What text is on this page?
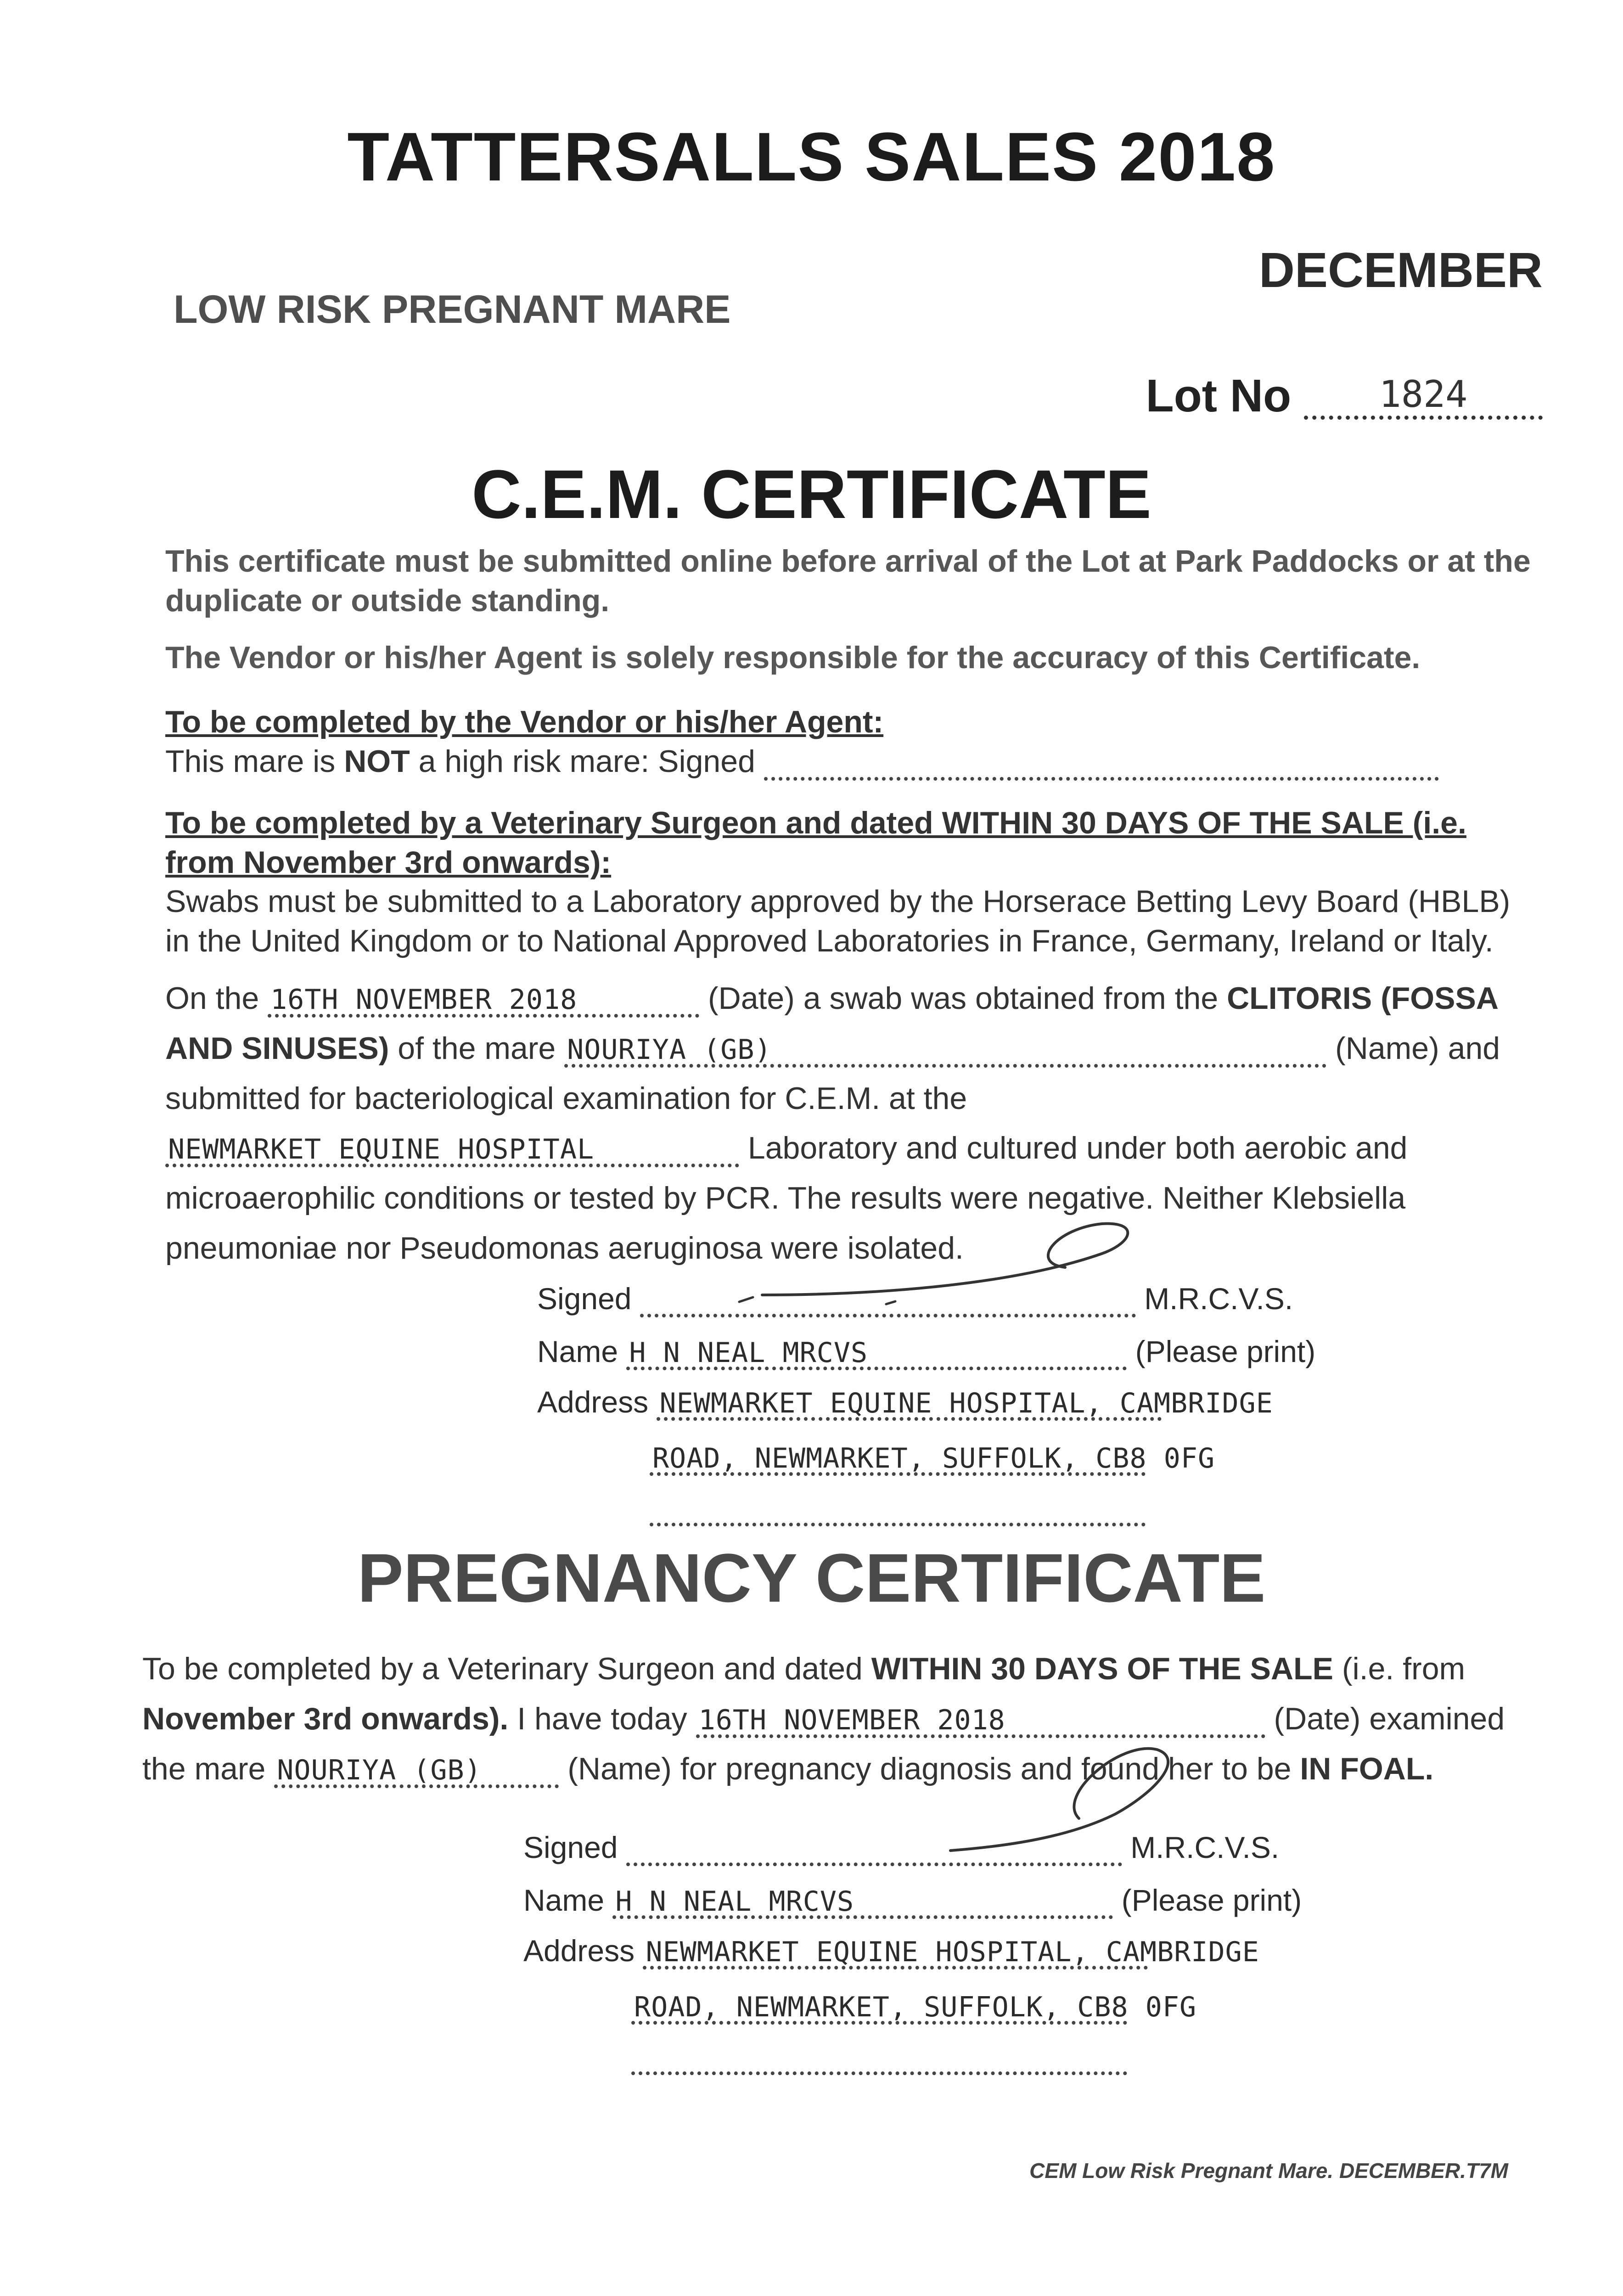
TATTERSALLS SALES 2018
DECEMBER
LOW RISK PREGNANT MARE
Lot No 1824
C.E.M. CERTIFICATE
This certificate must be submitted online before arrival of the Lot at Park Paddocks or at the duplicate or outside standing.
The Vendor or his/her Agent is solely responsible for the accuracy of this Certificate.
To be completed by the Vendor or his/her Agent:
This mare is NOT a high risk mare: Signed
To be completed by a Veterinary Surgeon and dated WITHIN 30 DAYS OF THE SALE (i.e. from November 3rd onwards):
Swabs must be submitted to a Laboratory approved by the Horserace Betting Levy Board (HBLB) in the United Kingdom or to National Approved Laboratories in France, Germany, Ireland or Italy.
On the 16TH NOVEMBER 2018	(Date) a swab was obtained from the CLITORIS (FOSSA AND SINUSES) of the mare NOURIYA (GB)	(Name) and submitted for bacteriological examination for C.E.M. at the NEWMARKET EQUINE HOSPITAL	Laboratory and cultured under both aerobic and microaerophilic conditions or tested by PCR. The results were negative. Neither Klebsiella pneumoniae nor Pseudomonas aeruginosa were isolated.
Signed	M.R.C.V.S.
Name H N NEAL MRCVS	(Please print)
Address NEWMARKET EQUINE HOSPITAL, CAMBRIDGE
ROAD, NEWMARKET, SUFFOLK, CB8 0FG

PREGNANCY CERTIFICATE
To be completed by a Veterinary Surgeon and dated WITHIN 30 DAYS OF THE SALE (i.e. from November 3rd onwards). I have today 16TH NOVEMBER 2018	(Date) examined the mare NOURIYA (GB)	(Name) for pregnancy diagnosis and found her to be IN FOAL.
Signed	M.R.C.V.S.
Name H N NEAL MRCVS	(Please print)
Address NEWMARKET EQUINE HOSPITAL, CAMBRIDGE
ROAD, NEWMARKET, SUFFOLK, CB8 0FG

CEM Low Risk Pregnant Mare. DECEMBER.T7M
